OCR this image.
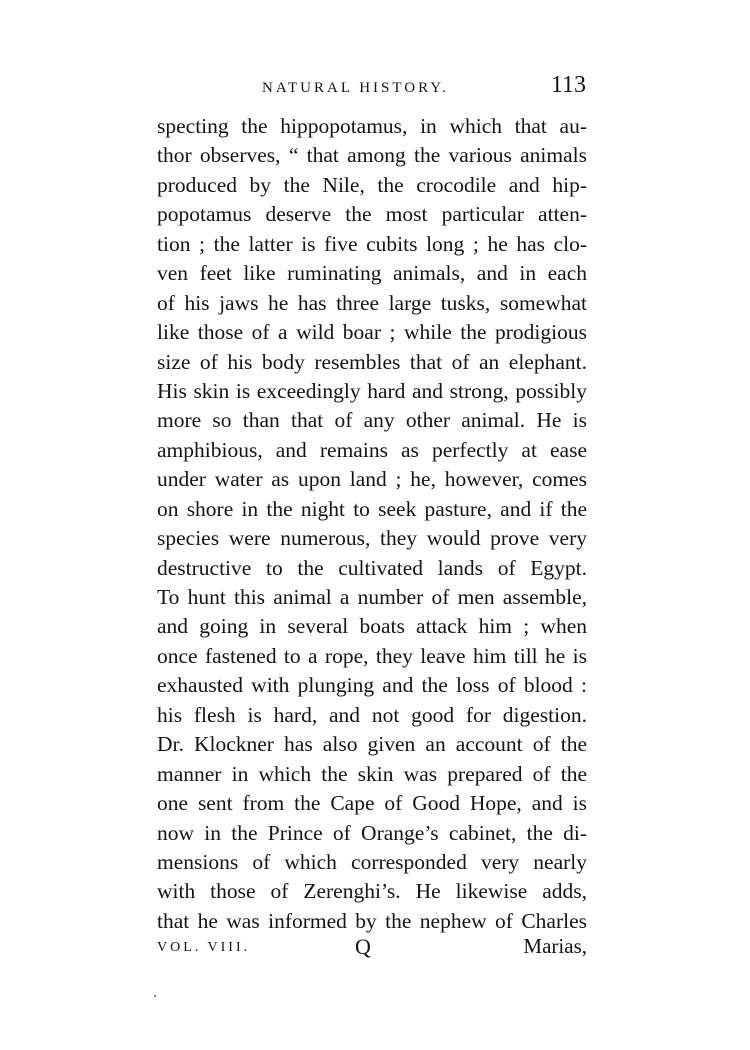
NATURAL HISTORY.	113
specting the hippopotamus, in which that au-
thor observes, “ that among the various animals
produced by the Nile, the crocodile and hip-
popotamus deserve the most particular atten-
tion ; the latter is five cubits long ; he has clo-
ven feet like ruminating animals, and in each
of his jaws he has three large tusks, somewhat
like those of a wild boar ; while the prodigious
size of his body resembles that of an elephant.
His skin is exceedingly hard and strong, possibly
more so than that of any other animal. He is
amphibious, and remains as perfectly at ease
under water as upon land ; he, however, comes
on shore in the night to seek pasture, and if the
species were numerous, they would prove very
destructive to the cultivated lands of Egypt.
To hunt this animal a number of men assemble,
and going in several boats attack him ; when
once fastened to a rope, they leave him till he is
exhausted with plunging and the loss of blood :
his flesh is hard, and not good for digestion.
Dr. Klockner has also given an account of the
manner in which the skin was prepared of the
one sent from the Cape of Good Hope, and is
now in the Prince of Orange’s cabinet, the di-
mensions of which corresponded very nearly
with those of Zerenghi’s. He likewise adds,
that he was informed by the nephew of Charles
VOL. VIII.	Q	Marias,
